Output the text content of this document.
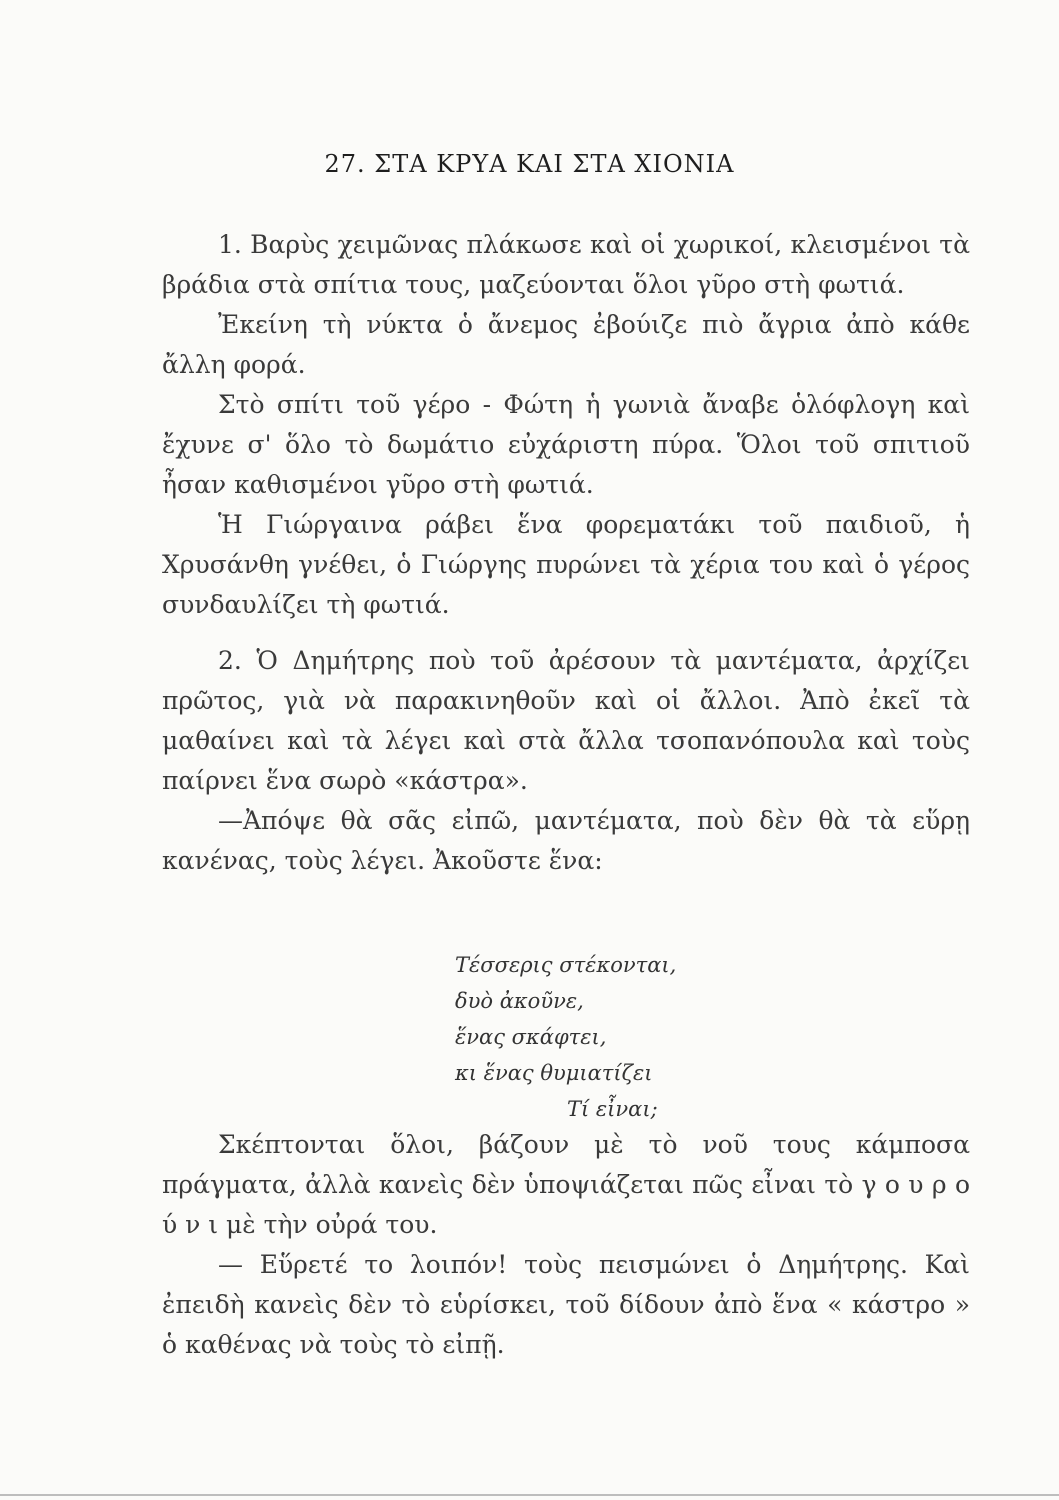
27. ΣΤΑ ΚΡΥΑ ΚΑΙ ΣΤΑ ΧΙΟΝΙΑ

1. Βαρὺς χειμῶνας πλάκωσε καὶ οἱ χωρικοί, κλεισμένοι τὰ βράδια στὰ σπίτια τους, μαζεύονται ὅλοι γῦρο στὴ φωτιά.

Ἐκείνη τὴ νύκτα ὁ ἄνεμος ἐβούιζε πιὸ ἄγρια ἀπὸ κάθε ἄλλη φορά.

Στὸ σπίτι τοῦ γέρο - Φώτη ἡ γωνιὰ ἄναβε ὁλόφλογη καὶ ἔχυνε σ' ὅλο τὸ δωμάτιο εὐχάριστη πύρα. Ὅλοι τοῦ σπιτιοῦ ἦσαν καθισμένοι γῦρο στὴ φωτιά.

Ἡ Γιώργαινα ράβει ἕνα φορεματάκι τοῦ παιδιοῦ, ἡ Χρυσάνθη γνέθει, ὁ Γιώργης πυρώνει τὰ χέρια του καὶ ὁ γέρος συνδαυλίζει τὴ φωτιά.

2. Ὁ Δημήτρης ποὺ τοῦ ἀρέσουν τὰ μαντέματα, ἀρχίζει πρῶτος, γιὰ νὰ παρακινηθοῦν καὶ οἱ ἄλλοι. Ἀπὸ ἐκεῖ τὰ μαθαίνει καὶ τὰ λέγει καὶ στὰ ἄλλα τσοπανόπουλα καὶ τοὺς παίρνει ἕνα σωρὸ «κάστρα».

—Ἀπόψε θὰ σᾶς εἰπῶ, μαντέματα, ποὺ δὲν θὰ τὰ εὕρῃ κανένας, τοὺς λέγει. Ἀκοῦστε ἕνα:

Τέσσερις στέκονται,
δυὸ ἀκοῦνε,
ἕνας σκάφτει,
κι ἕνας θυμιατίζει
Τί εἶναι;

Σκέπτονται ὅλοι, βάζουν μὲ τὸ νοῦ τους κάμποσα πράγματα, ἀλλὰ κανεὶς δὲν ὑποψιάζεται πῶς εἶναι τὸ γ ο υ ρ ο ύ ν ι μὲ τὴν οὐρά του.

— Εὕρετέ το λοιπόν! τοὺς πεισμώνει ὁ Δημήτρης. Καὶ ἐπειδὴ κανεὶς δὲν τὸ εὑρίσκει, τοῦ δίδουν ἀπὸ ἕνα « κάστρο » ὁ καθένας νὰ τοὺς τὸ εἰπῇ.
